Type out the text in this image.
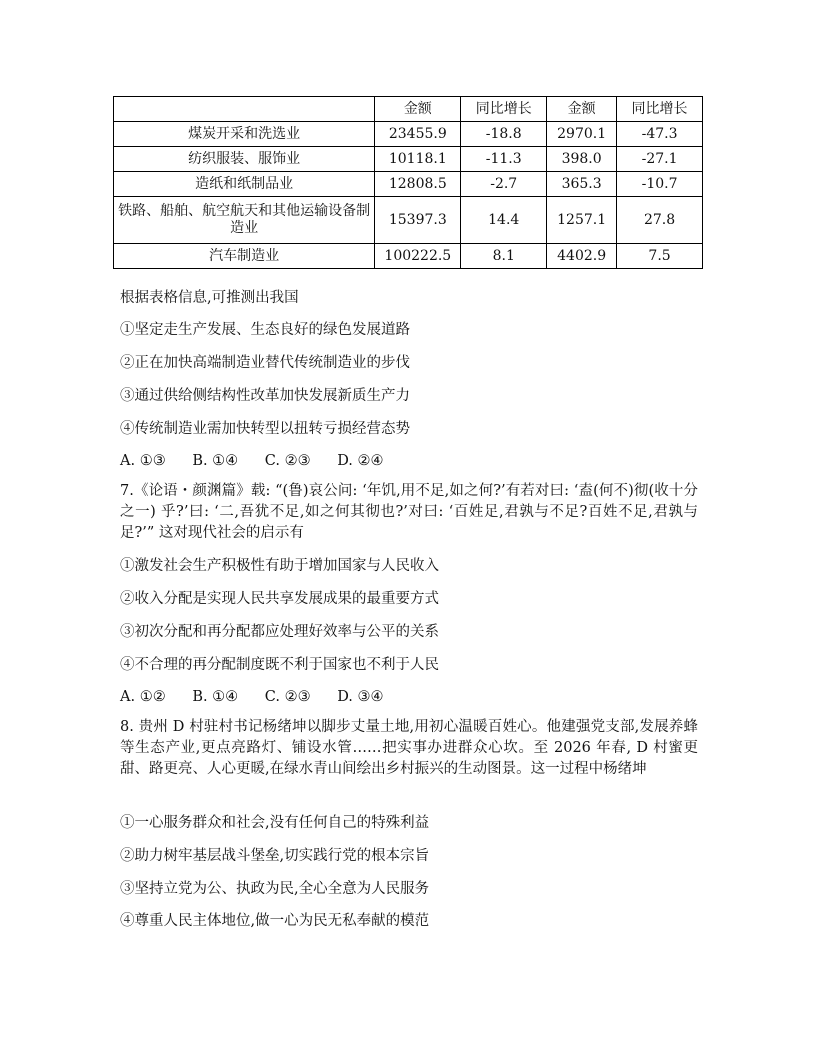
	金额	同比增长	金额	同比增长
煤炭开采和洗选业	23455.9	-18.8	2970.1	-47.3
纺织服装、服饰业	10118.1	-11.3	398.0	-27.1
造纸和纸制品业	12808.5	-2.7	365.3	-10.7
铁路、船舶、航空航天和其他运输设备制造业	15397.3	14.4	1257.1	27.8
汽车制造业	100222.5	8.1	4402.9	7.5
根据表格信息,可推测出我国
①坚定走生产发展、生态良好的绿色发展道路
②正在加快高端制造业替代传统制造业的步伐
③通过供给侧结构性改革加快发展新质生产力
④传统制造业需加快转型以扭转亏损经营态势
A. ①③ B. ①④ C. ②③ D. ②④
7.《论语・颜渊篇》载: “(鲁)哀公问: ‘年饥,用不足,如之何?’有若对曰: ‘盍(何不)彻(收十分之一) 乎?’曰: ‘二,吾犹不足,如之何其彻也?’对曰: ‘百姓足,君孰与不足?百姓不足,君孰与足?’” 这对现代社会的启示有
①激发社会生产积极性有助于增加国家与人民收入
②收入分配是实现人民共享发展成果的最重要方式
③初次分配和再分配都应处理好效率与公平的关系
④不合理的再分配制度既不利于国家也不利于人民
A. ①② B. ①④ C. ②③ D. ③④
8. 贵州 D 村驻村书记杨绪坤以脚步丈量土地,用初心温暖百姓心。他建强党支部,发展养蜂等生态产业,更点亮路灯、铺设水管……把实事办进群众心坎。至 2026 年春, D 村蜜更甜、路更亮、人心更暖,在绿水青山间绘出乡村振兴的生动图景。这一过程中杨绪坤
①一心服务群众和社会,没有任何自己的特殊利益
②助力树牢基层战斗堡垒,切实践行党的根本宗旨
③坚持立党为公、执政为民,全心全意为人民服务
④尊重人民主体地位,做一心为民无私奉献的模范
